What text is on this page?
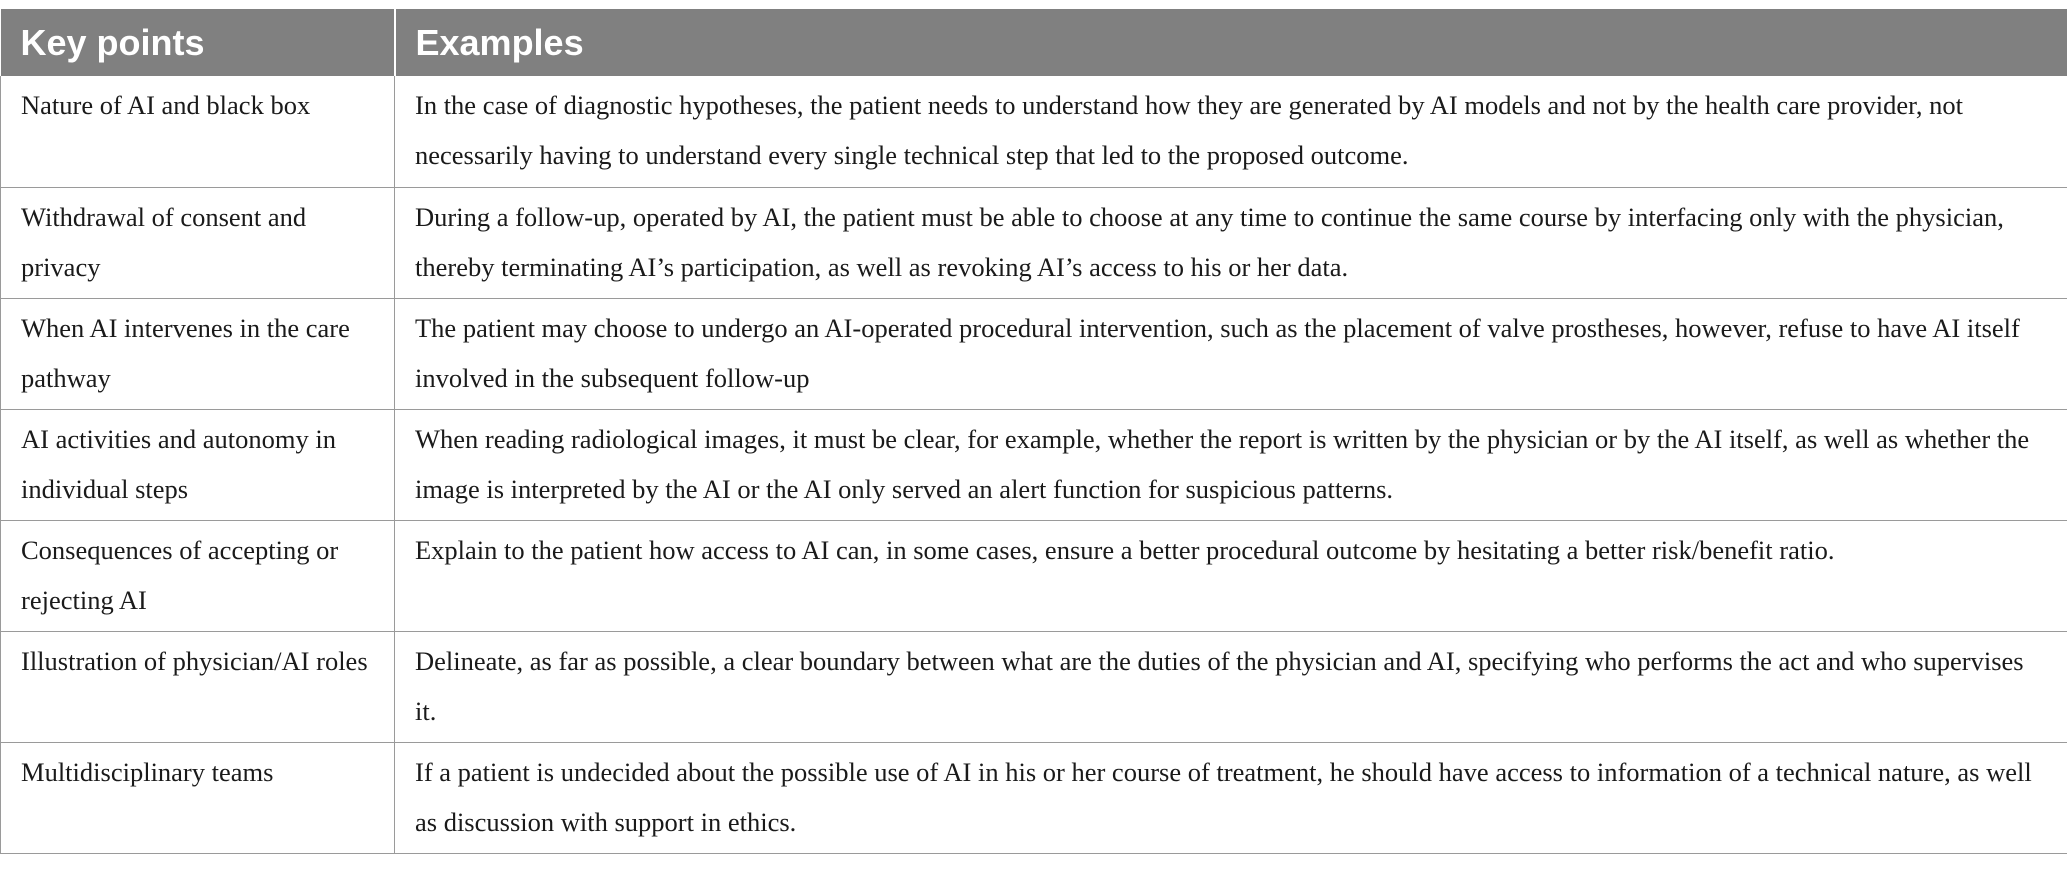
Key points	Examples
Nature of AI and black box	In the case of diagnostic hypotheses, the patient needs to understand how they are generated by AI models and not by the health care provider, not necessarily having to understand every single technical step that led to the proposed outcome.
Withdrawal of consent and privacy	During a follow-up, operated by AI, the patient must be able to choose at any time to continue the same course by interfacing only with the physician, thereby terminating AI’s participation, as well as revoking AI’s access to his or her data.
When AI intervenes in the care pathway	The patient may choose to undergo an AI-operated procedural intervention, such as the placement of valve prostheses, however, refuse to have AI itself involved in the subsequent follow-up
AI activities and autonomy in individual steps	When reading radiological images, it must be clear, for example, whether the report is written by the physician or by the AI itself, as well as whether the image is interpreted by the AI or the AI only served an alert function for suspicious patterns.
Consequences of accepting or rejecting AI	Explain to the patient how access to AI can, in some cases, ensure a better procedural outcome by hesitating a better risk/benefit ratio.
Illustration of physician/AI roles	Delineate, as far as possible, a clear boundary between what are the duties of the physician and AI, specifying who performs the act and who supervises it.
Multidisciplinary teams	If a patient is undecided about the possible use of AI in his or her course of treatment, he should have access to information of a technical nature, as well as discussion with support in ethics.
